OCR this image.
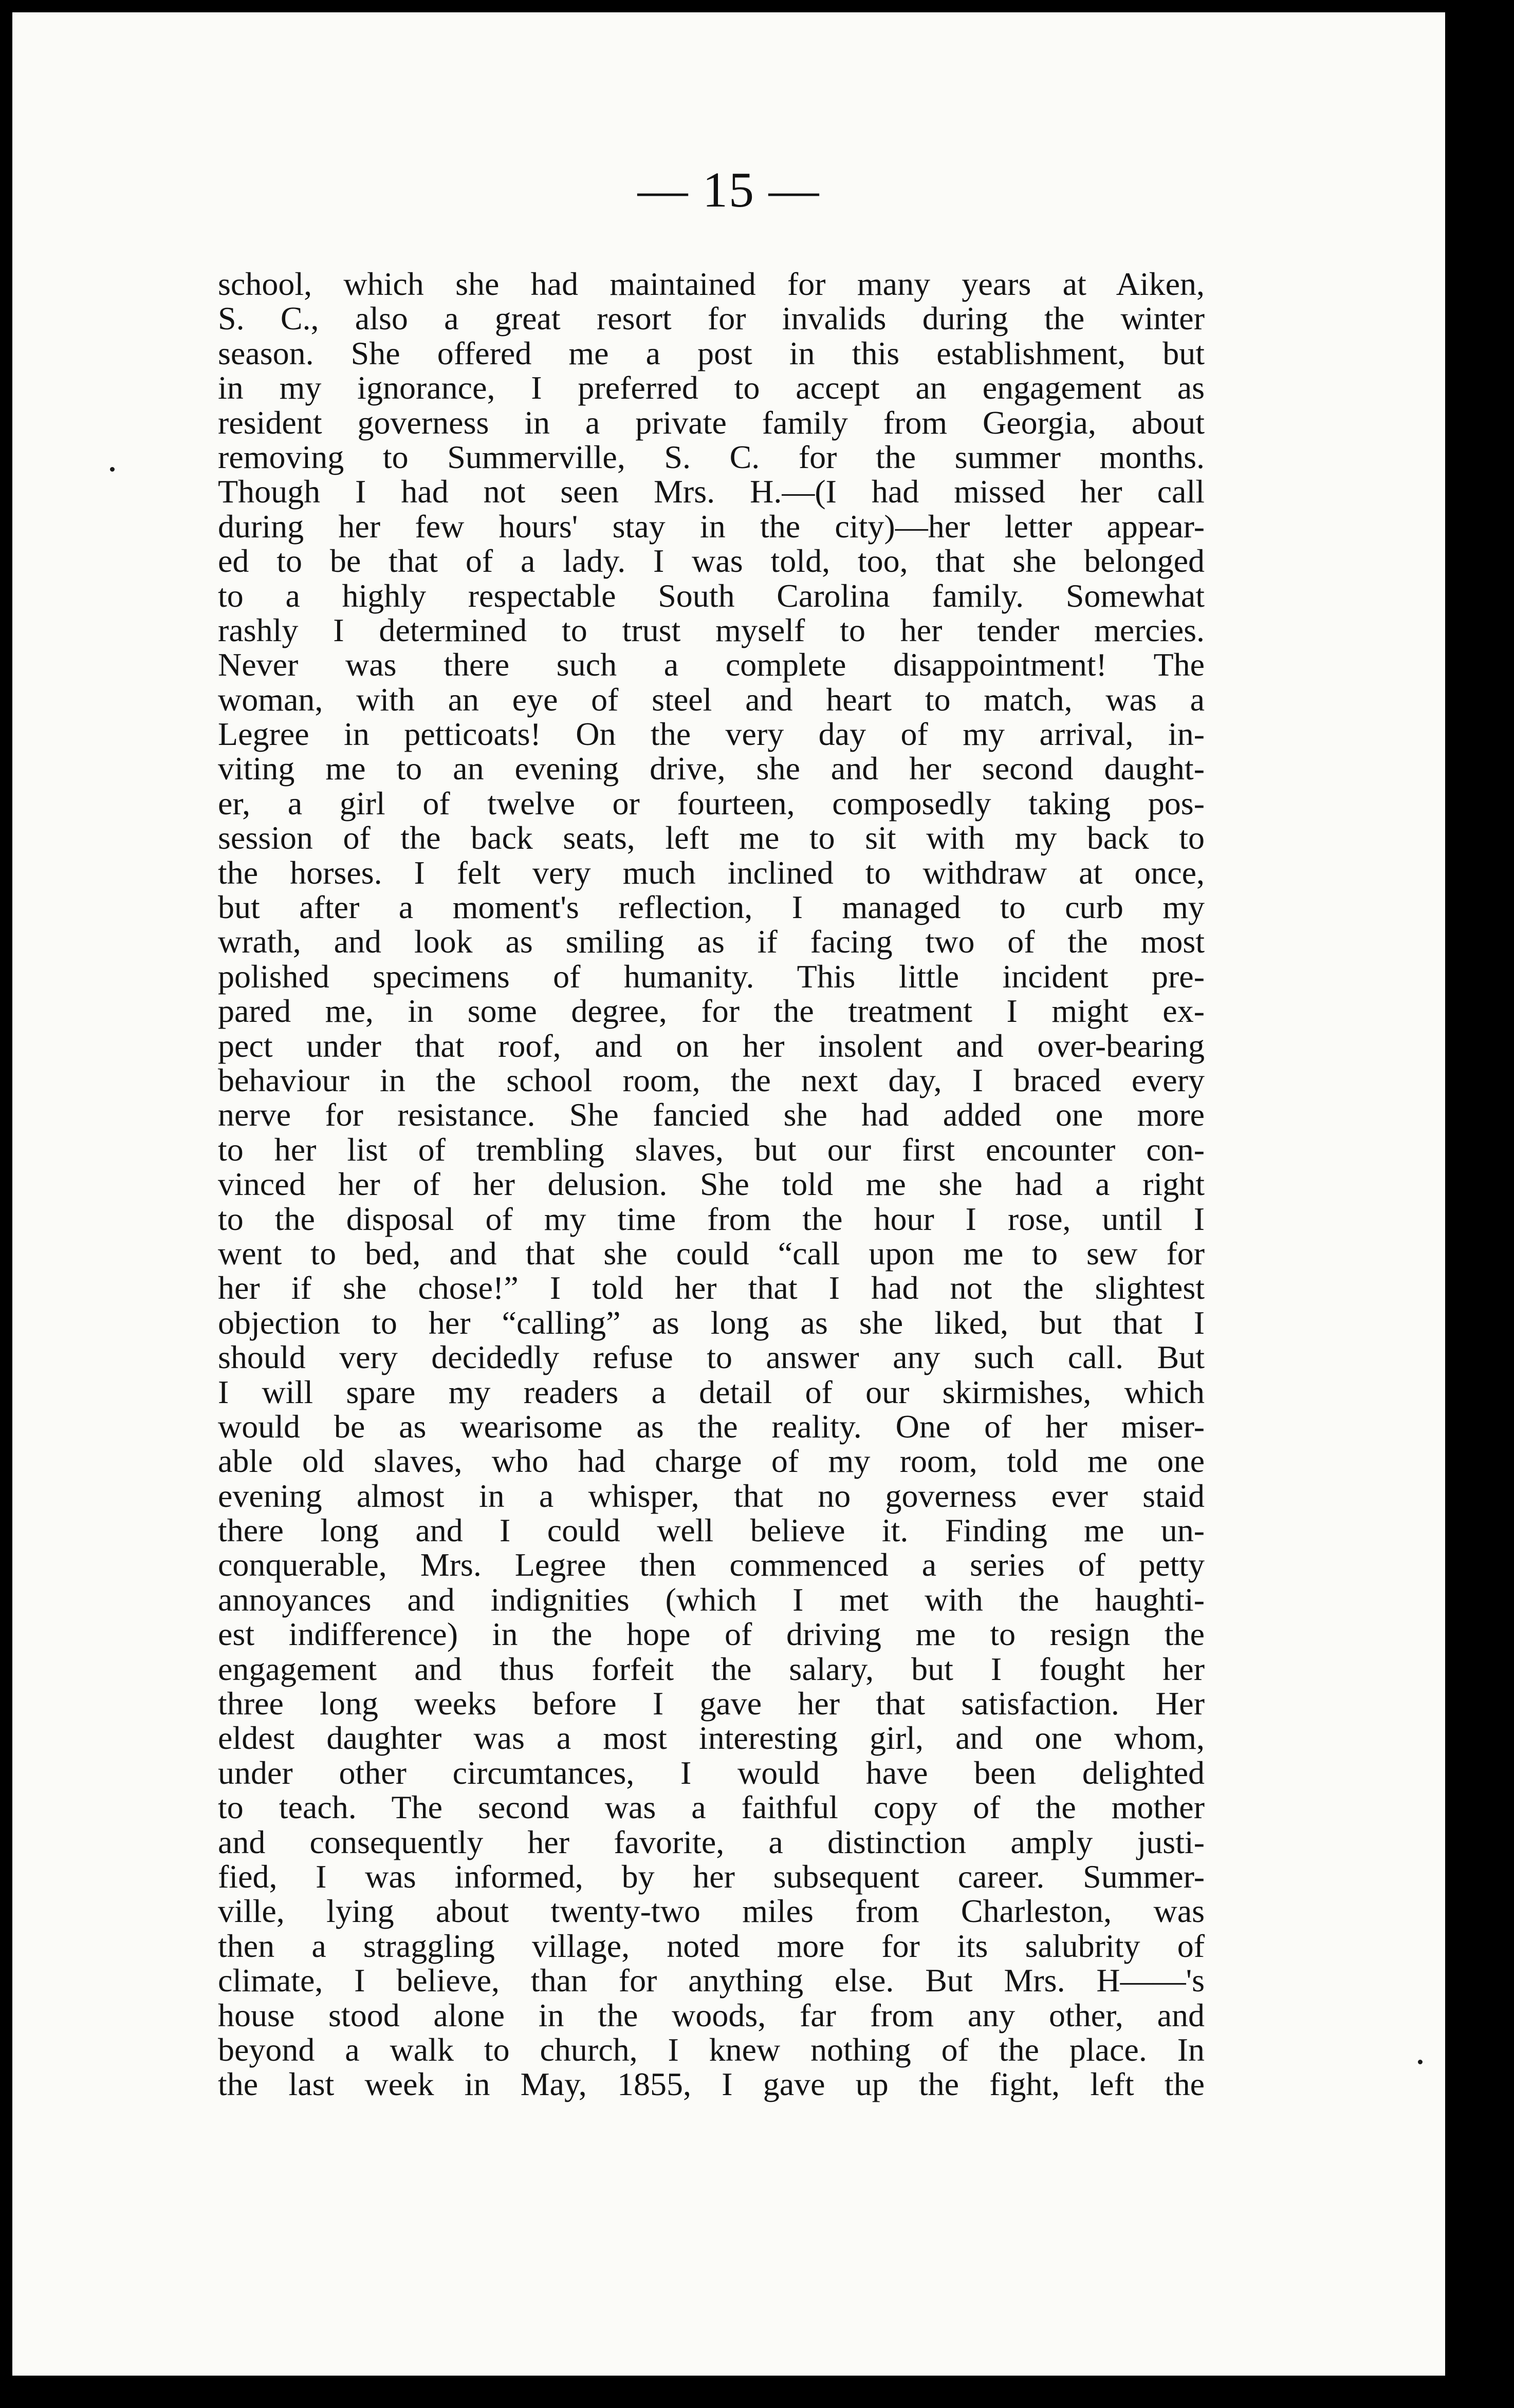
— 15 —
school, which she had maintained for many years at Aiken,
S. C., also a great resort for invalids during the winter
season. She offered me a post in this establishment, but
in my ignorance, I preferred to accept an engagement as
resident governess in a private family from Georgia, about
removing to Summerville, S. C. for the summer months.
Though I had not seen Mrs. H.—(I had missed her call
during her few hours' stay in the city)—her letter appear-
ed to be that of a lady. I was told, too, that she belonged
to a highly respectable South Carolina family. Somewhat
rashly I determined to trust myself to her tender mercies.
Never was there such a complete disappointment! The
woman, with an eye of steel and heart to match, was a
Legree in petticoats! On the very day of my arrival, in-
viting me to an evening drive, she and her second daught-
er, a girl of twelve or fourteen, composedly taking pos-
session of the back seats, left me to sit with my back to
the horses. I felt very much inclined to withdraw at once,
but after a moment's reflection, I managed to curb my
wrath, and look as smiling as if facing two of the most
polished specimens of humanity. This little incident pre-
pared me, in some degree, for the treatment I might ex-
pect under that roof, and on her insolent and over-bearing
behaviour in the school room, the next day, I braced every
nerve for resistance. She fancied she had added one more
to her list of trembling slaves, but our first encounter con-
vinced her of her delusion. She told me she had a right
to the disposal of my time from the hour I rose, until I
went to bed, and that she could “call upon me to sew for
her if she chose!” I told her that I had not the slightest
objection to her “calling” as long as she liked, but that I
should very decidedly refuse to answer any such call. But
I will spare my readers a detail of our skirmishes, which
would be as wearisome as the reality. One of her miser-
able old slaves, who had charge of my room, told me one
evening almost in a whisper, that no governess ever staid
there long and I could well believe it. Finding me un-
conquerable, Mrs. Legree then commenced a series of petty
annoyances and indignities (which I met with the haughti-
est indifference) in the hope of driving me to resign the
engagement and thus forfeit the salary, but I fought her
three long weeks before I gave her that satisfaction. Her
eldest daughter was a most interesting girl, and one whom,
under other circumtances, I would have been delighted
to teach. The second was a faithful copy of the mother
and consequently her favorite, a distinction amply justi-
fied, I was informed, by her subsequent career. Summer-
ville, lying about twenty-two miles from Charleston, was
then a straggling village, noted more for its salubrity of
climate, I believe, than for anything else. But Mrs. H——'s
house stood alone in the woods, far from any other, and
beyond a walk to church, I knew nothing of the place. In
the last week in May, 1855, I gave up the fight, left the
